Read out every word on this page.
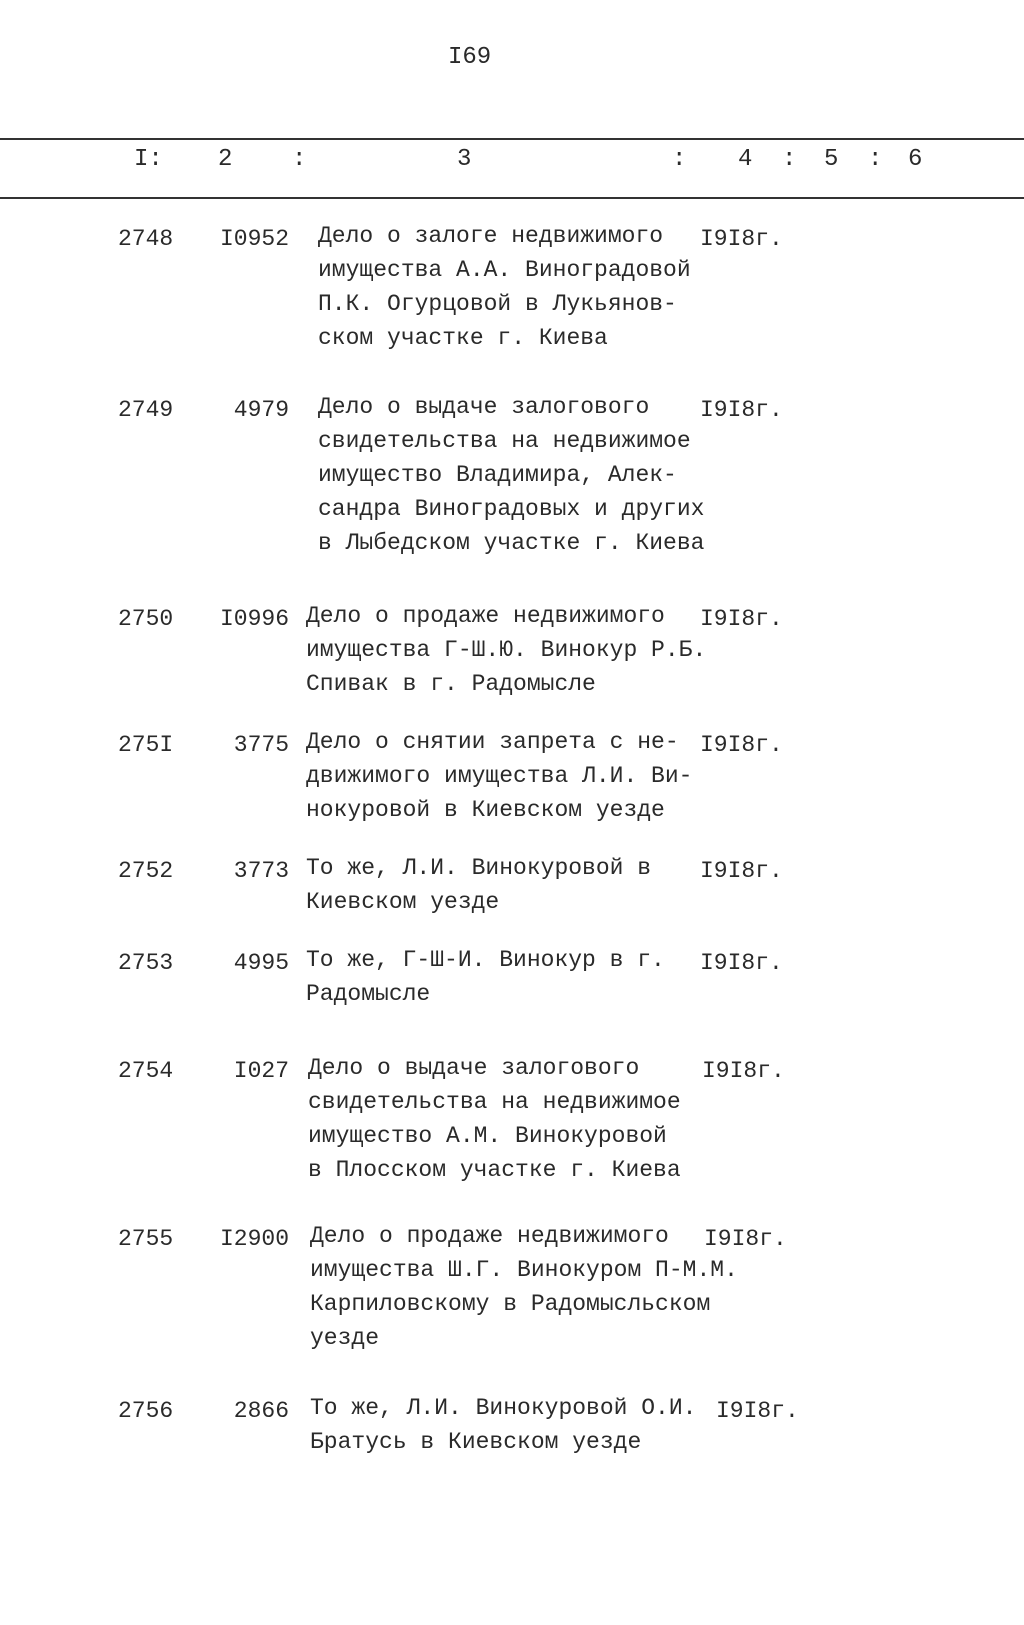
I69
I: 2 :	3	: 4 : 5 : 6
2748 I0952 Дело о залоге недвижимого
имущества А.А. Виноградовой
П.К. Огурцовой в Лукьянов-
ском участке г. Киева
I9I8г.
2749	4979 Дело о выдаче залогового
свидетельства на недвижимое
имущество Владимира, Алек-
сандра Виноградовых и других
в Лыбедском участке г. Киева
I9I8г.
2750 I0996 Дело о продаже недвижимого
имущества Г-Ш.Ю. Винокур Р.Б.
Спивак в г. Радомысле
I9I8г.
275I	3775 Дело о снятии запрета с не-
движимого имущества Л.И. Ви-
нокуровой в Киевском уезде
I9I8г.
2752	3773 То же, Л.И. Винокуровой в
Киевском уезде
I9I8г.
2753	4995 То же, Г-Ш-И. Винокур в г.
Радомысле
I9I8г.
2754	I027 Дело о выдаче залогового
свидетельства на недвижимое
имущество А.М. Винокуровой
в Плосском участке г. Киева
I9I8г.
2755 I2900 Дело о продаже недвижимого
имущества Ш.Г. Винокуром П-М.М.
Карпиловскому в Радомысльском
уезде
I9I8г.
2756	2866 То же, Л.И. Винокуровой О.И.
Братусь в Киевском уезде
I9I8г.
